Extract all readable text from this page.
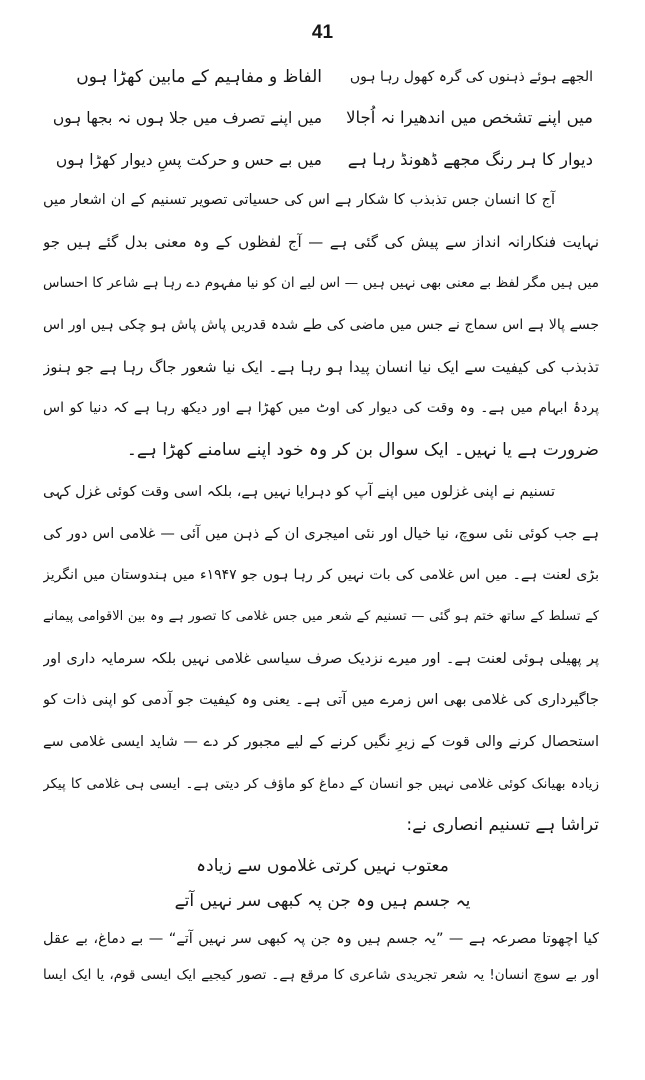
41
الجھے ہوئے ذہنوں کی گرہ کھول رہا ہوں
الفاظ و مفاہیم کے مابین کھڑا ہوں
میں اپنے تشخص میں اندھیرا نہ اُجالا
میں اپنے تصرف میں جلا ہوں نہ بجھا ہوں
دیوار کا ہر رنگ مجھے ڈھونڈ رہا ہے
میں بے حس و حرکت پسِ دیوار کھڑا ہوں
آج کا انسان جس تذبذب کا شکار ہے اس کی حسیاتی تصویر تسنیم کے ان اشعار میں
نہایت فنکارانہ انداز سے پیش کی گئی ہے — آج لفظوں کے وہ معنی بدل گئے ہیں جو
میں ہیں مگر لفظ بے معنی بھی نہیں ہیں — اس لیے ان کو نیا مفہوم دے رہا ہے شاعر کا احساس
جسے پالا ہے اس سماج نے جس میں ماضی کی طے شدہ قدریں پاش پاش ہو چکی ہیں اور اس
تذبذب کی کیفیت سے ایک نیا انسان پیدا ہو رہا ہے۔ ایک نیا شعور جاگ رہا ہے جو ہنوز
پردۂ ابہام میں ہے۔ وہ وقت کی دیوار کی اوٹ میں کھڑا ہے اور دیکھ رہا ہے کہ دنیا کو اس
ضرورت ہے یا نہیں۔ ایک سوال بن کر وہ خود اپنے سامنے کھڑا ہے۔
تسنیم نے اپنی غزلوں میں اپنے آپ کو دہرایا نہیں ہے، بلکہ اسی وقت کوئی غزل کہی
ہے جب کوئی نئی سوچ، نیا خیال اور نئی امیجری ان کے ذہن میں آئی — غلامی اس دور کی
بڑی لعنت ہے۔ میں اس غلامی کی بات نہیں کر رہا ہوں جو ۱۹۴۷ء میں ہندوستان میں انگریز
کے تسلط کے ساتھ ختم ہو گئی — تسنیم کے شعر میں جس غلامی کا تصور ہے وہ بین الاقوامی پیمانے
پر پھیلی ہوئی لعنت ہے۔ اور میرے نزدیک صرف سیاسی غلامی نہیں بلکہ سرمایہ داری اور
جاگیرداری کی غلامی بھی اس زمرے میں آتی ہے۔ یعنی وہ کیفیت جو آدمی کو اپنی ذات کو
استحصال کرنے والی قوت کے زیرِ نگیں کرنے کے لیے مجبور کر دے — شاید ایسی غلامی سے
زیادہ بھیانک کوئی غلامی نہیں جو انسان کے دماغ کو ماؤف کر دیتی ہے۔ ایسی ہی غلامی کا پیکر
تراشا ہے تسنیم انصاری نے:
معتوب نہیں کرتی غلاموں سے زیادہ
یہ جسم ہیں وہ جن پہ کبھی سر نہیں آتے
کیا اچھوتا مصرعہ ہے — ”یہ جسم ہیں وہ جن پہ کبھی سر نہیں آتے“ — بے دماغ، بے عقل
اور بے سوچ انسان! یہ شعر تجریدی شاعری کا مرقع ہے۔ تصور کیجیے ایک ایسی قوم، یا ایک ایسا
